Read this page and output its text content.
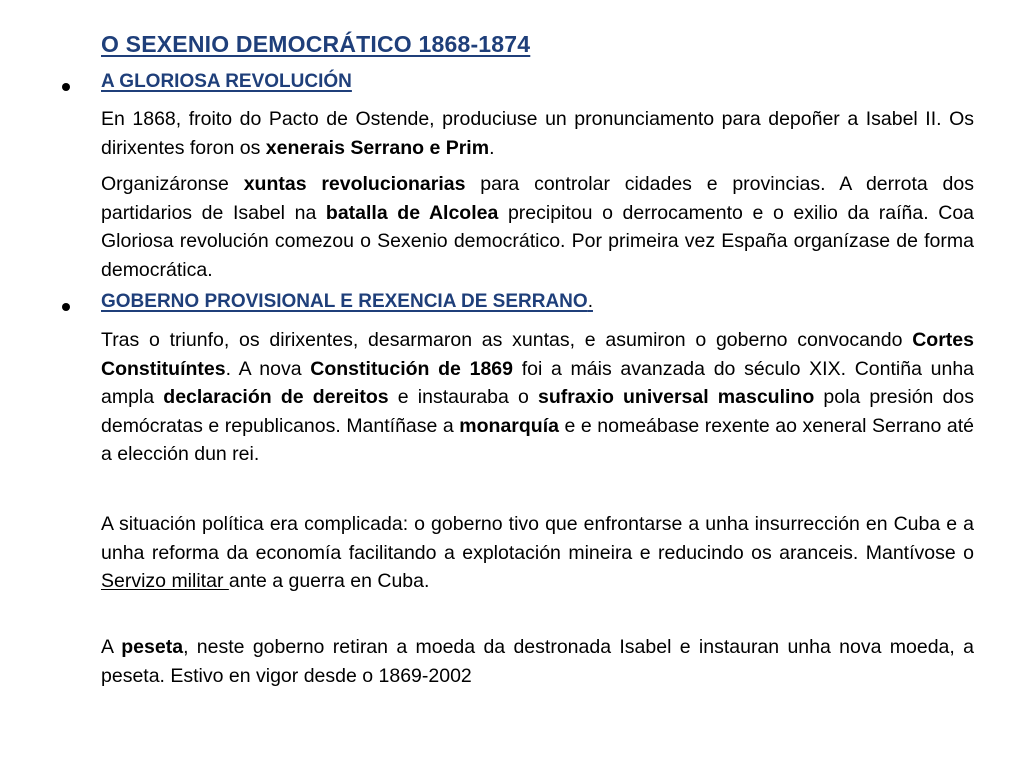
O SEXENIO DEMOCRÁTICO 1868-1874
A GLORIOSA REVOLUCIÓN

En 1868, froito do Pacto de Ostende, produciuse un pronunciamento para depoñer a Isabel II. Os dirixentes foron os xenerais Serrano e Prim.

Organizáronse xuntas revolucionarias para controlar cidades e provincias. A derrota dos partidarios de Isabel na batalla de Alcolea precipitou o derrocamento e o exilio da raíña. Coa Gloriosa revolución comezou o Sexenio democrático. Por primeira vez España organízase de forma democrática.

GOBERNO PROVISIONAL E REXENCIA DE SERRANO.

Tras o triunfo, os dirixentes, desarmaron as xuntas, e asumiron o goberno convocando Cortes Constituíntes. A nova Constitución de 1869 foi a máis avanzada do século XIX. Contiña unha ampla declaración de dereitos e instauraba o sufraxio universal masculino pola presión dos demócratas e republicanos. Mantíñase a monarquía e e nomeábase rexente ao xeneral Serrano até a elección dun rei.

A situación política era complicada: o goberno tivo que enfrontarse a unha insurrección en Cuba e a unha reforma da economía facilitando a explotación mineira e reducindo os aranceis. Mantívose o Servizo militar ante a guerra en Cuba.

A peseta, neste goberno retiran a moeda da destronada Isabel e instauran unha nova moeda, a peseta. Estivo en vigor desde o 1869-2002
